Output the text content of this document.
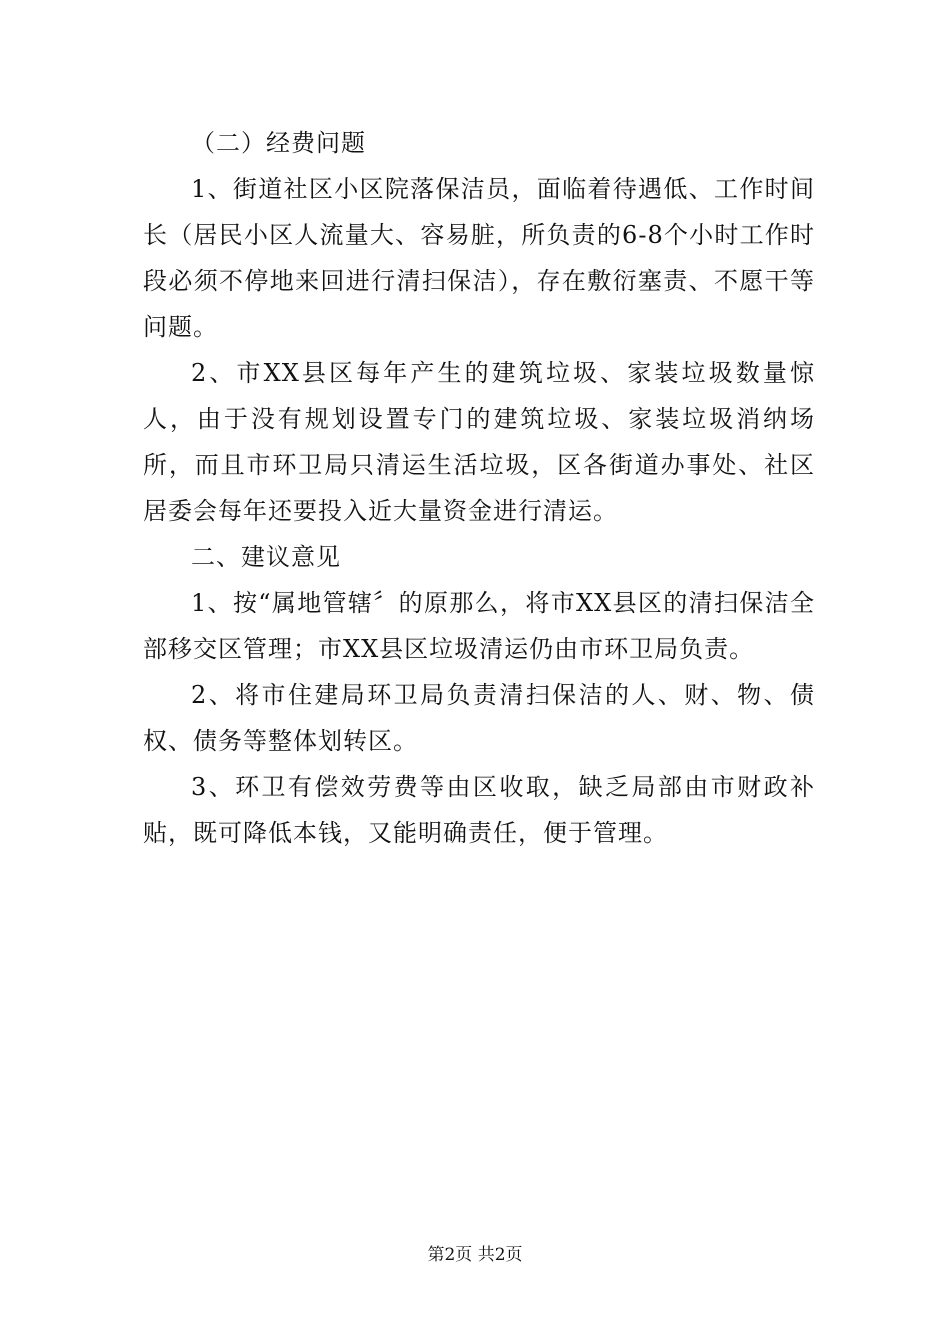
（二）经费问题

1、街道社区小区院落保洁员，面临着待遇低、工作时间长（居民小区人流量大、容易脏，所负责的6-8个小时工作时段必须不停地来回进行清扫保洁），存在敷衍塞责、不愿干等问题。

2、市XX县区每年产生的建筑垃圾、家装垃圾数量惊人，由于没有规划设置专门的建筑垃圾、家装垃圾消纳场所，而且市环卫局只清运生活垃圾，区各街道办事处、社区居委会每年还要投入近大量资金进行清运。

二、建议意见

1、按“属地管辖〞的原那么，将市XX县区的清扫保洁全部移交区管理；市XX县区垃圾清运仍由市环卫局负责。

2、将市住建局环卫局负责清扫保洁的人、财、物、债权、债务等整体划转区。

3、环卫有偿效劳费等由区收取，缺乏局部由市财政补贴，既可降低本钱，又能明确责任，便于管理。

第2页 共2页
